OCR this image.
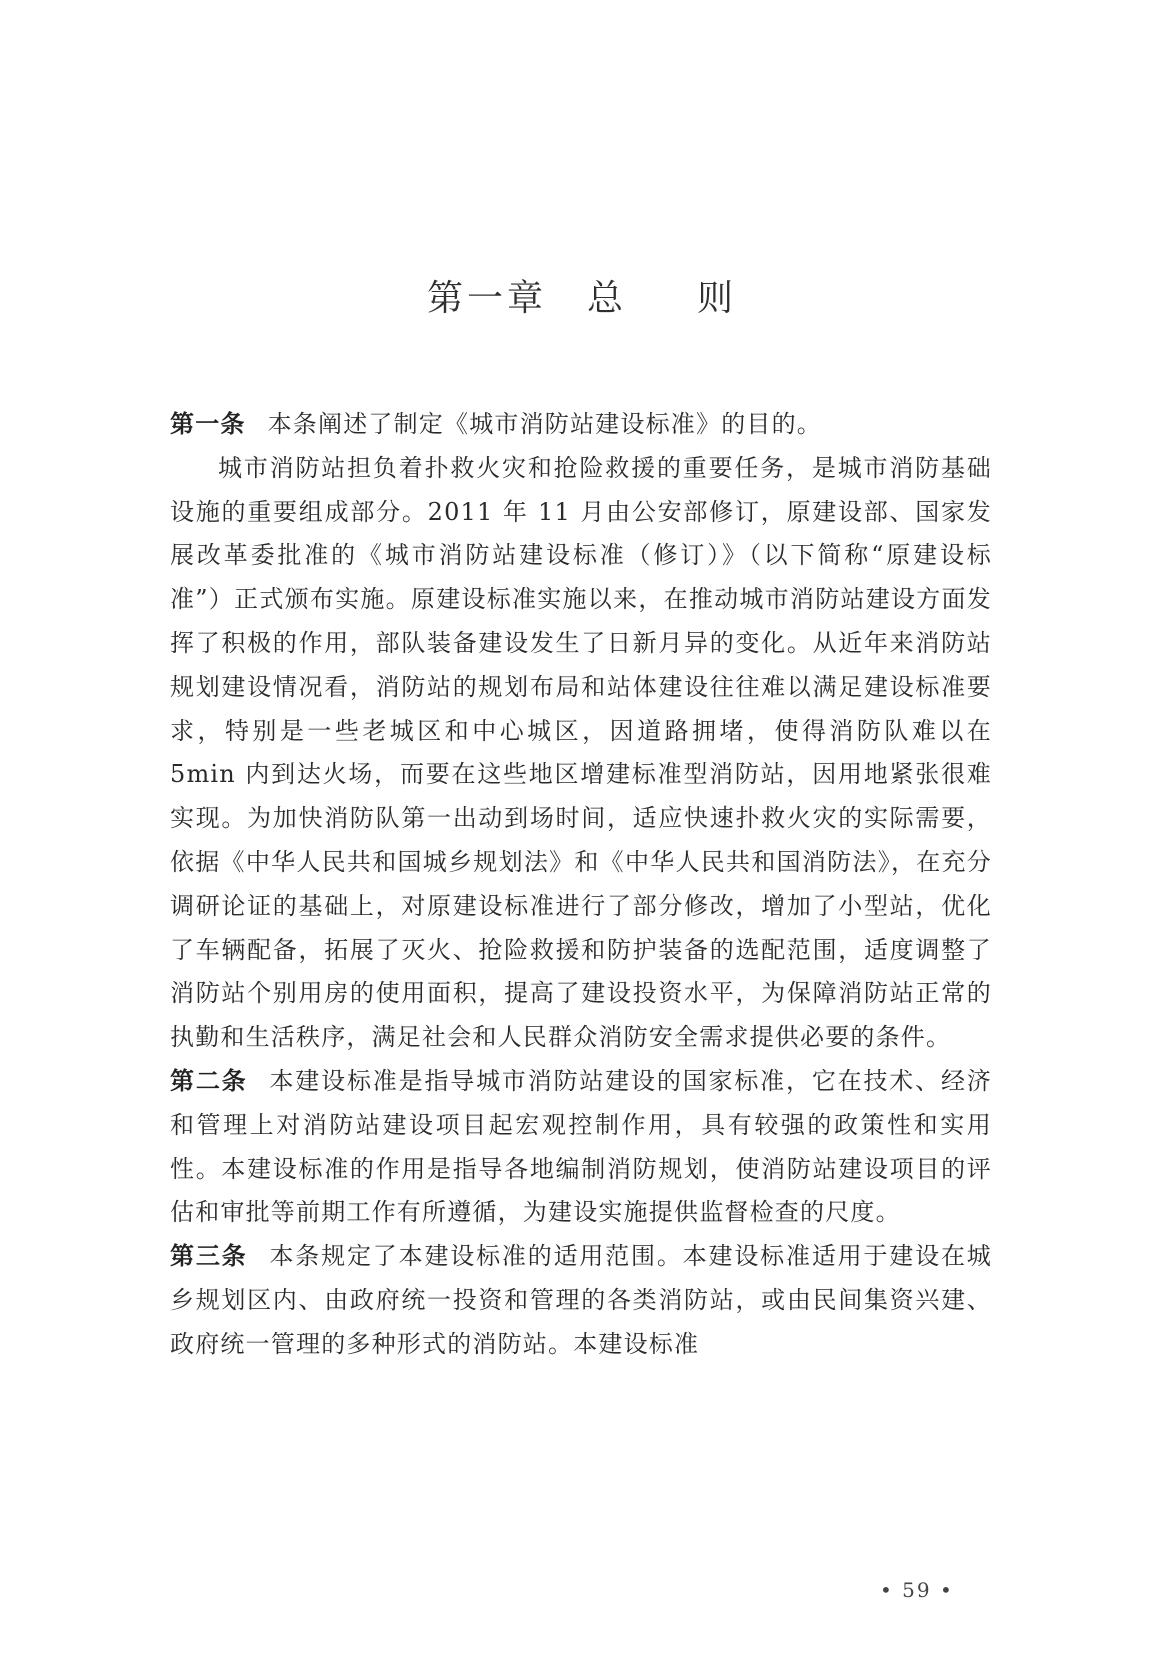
第一章 总 则

第一条 本条阐述了制定《城市消防站建设标准》的目的。

城市消防站担负着扑救火灾和抢险救援的重要任务，是城市消防基础设施的重要组成部分。2011 年 11 月由公安部修订，原建设部、国家发展改革委批准的《城市消防站建设标准（修订）》（以下简称“原建设标准”）正式颁布实施。原建设标准实施以来，在推动城市消防站建设方面发挥了积极的作用，部队装备建设发生了日新月异的变化。从近年来消防站规划建设情况看，消防站的规划布局和站体建设往往难以满足建设标准要求，特别是一些老城区和中心城区，因道路拥堵，使得消防队难以在 5min 内到达火场，而要在这些地区增建标准型消防站，因用地紧张很难实现。为加快消防队第一出动到场时间，适应快速扑救火灾的实际需要，依据《中华人民共和国城乡规划法》和《中华人民共和国消防法》，在充分调研论证的基础上，对原建设标准进行了部分修改，增加了小型站，优化了车辆配备，拓展了灭火、抢险救援和防护装备的选配范围，适度调整了消防站个别用房的使用面积，提高了建设投资水平，为保障消防站正常的执勤和生活秩序，满足社会和人民群众消防安全需求提供必要的条件。

第二条 本建设标准是指导城市消防站建设的国家标准，它在技术、经济和管理上对消防站建设项目起宏观控制作用，具有较强的政策性和实用性。本建设标准的作用是指导各地编制消防规划，使消防站建设项目的评估和审批等前期工作有所遵循，为建设实施提供监督检查的尺度。

第三条 本条规定了本建设标准的适用范围。本建设标准适用于建设在城乡规划区内、由政府统一投资和管理的各类消防站，或由民间集资兴建、政府统一管理的多种形式的消防站。本建设标准

• 59 •
